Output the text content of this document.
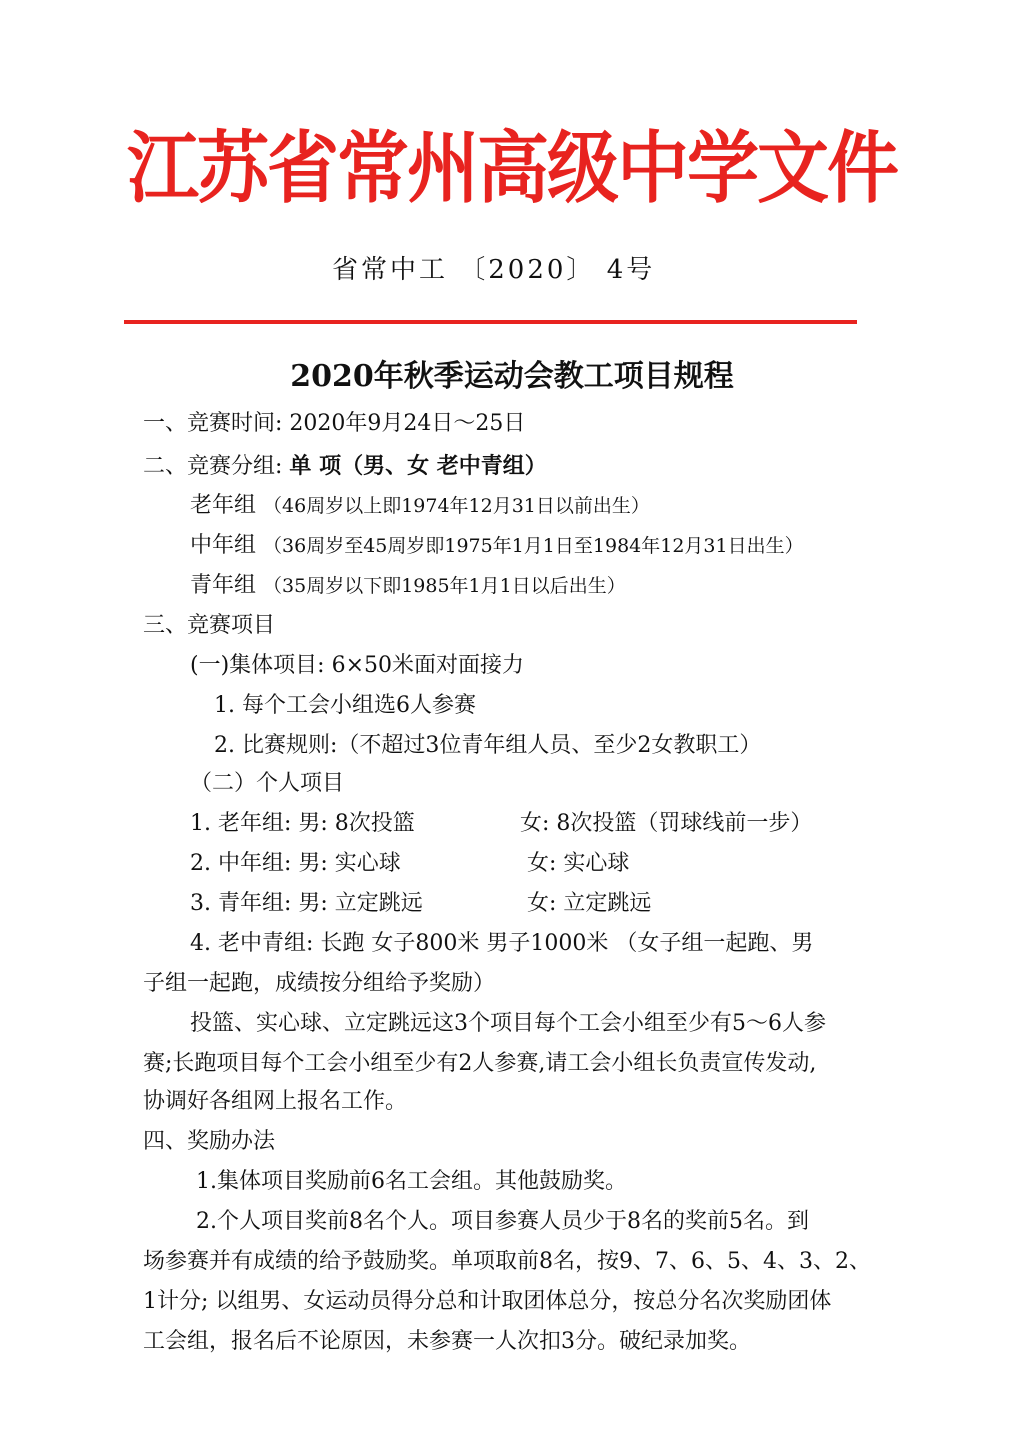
江苏省常州高级中学文件
省常中工 〔2020〕 4号
2020年秋季运动会教工项目规程
一、竞赛时间: 2020年9月24日～25日
二、竞赛分组: 单 项（男、女 老中青组）
老年组 （46周岁以上即1974年12月31日以前出生）
中年组 （36周岁至45周岁即1975年1月1日至1984年12月31日出生）
青年组 （35周岁以下即1985年1月1日以后出生）
三、竞赛项目
(一)集体项目: 6×50米面对面接力
1. 每个工会小组选6人参赛
2. 比赛规则:（不超过3位青年组人员、至少2女教职工）
（二）个人项目
1. 老年组: 男: 8次投篮	女: 8次投篮（罚球线前一步）
2. 中年组: 男: 实心球	女: 实心球
3. 青年组: 男: 立定跳远	女: 立定跳远
4. 老中青组: 长跑 女子800米 男子1000米 （女子组一起跑、男
子组一起跑，成绩按分组给予奖励）
投篮、实心球、立定跳远这3个项目每个工会小组至少有5～6人参
赛;长跑项目每个工会小组至少有2人参赛,请工会小组长负责宣传发动,
协调好各组网上报名工作。
四、奖励办法
1.集体项目奖励前6名工会组。其他鼓励奖。
2.个人项目奖前8名个人。项目参赛人员少于8名的奖前5名。到
场参赛并有成绩的给予鼓励奖。单项取前8名，按9、7、6、5、4、3、2、
1计分; 以组男、女运动员得分总和计取团体总分，按总分名次奖励团体
工会组，报名后不论原因，未参赛一人次扣3分。破纪录加奖。
